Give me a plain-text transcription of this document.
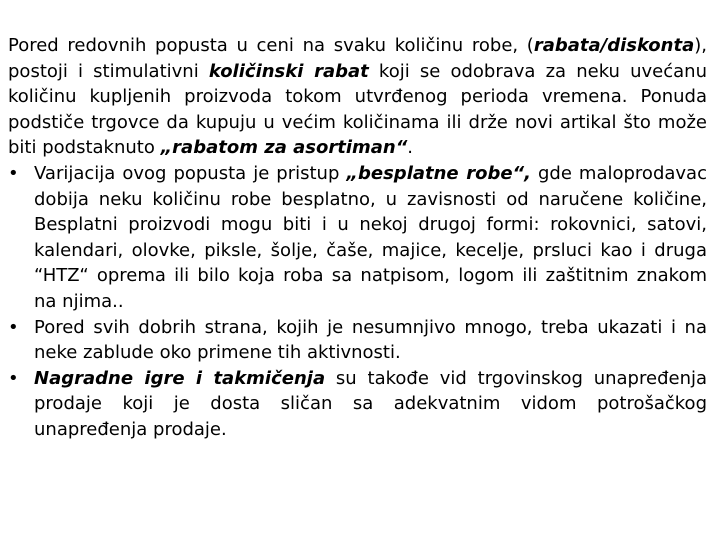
Pored redovnih popusta u ceni na svaku količinu robe, (rabata/diskonta), postoji i stimulativni količinski rabat koji se odobrava za neku uvećanu količinu kupljenih proizvoda tokom utvrđenog perioda vremena. Ponuda podstiče trgovce da kupuju u većim količinama ili drže novi artikal što može biti podstaknuto „rabatom za asortiman“.

• Varijacija ovog popusta je pristup „besplatne robe“, gde maloprodavac dobija neku količinu robe besplatno, u zavisnosti od naručene količine, Besplatni proizvodi mogu biti i u nekoj drugoj formi: rokovnici, satovi, kalendari, olovke, piksle, šolje, čaše, majice, kecelje, prsluci kao i druga “HTZ“ oprema ili bilo koja roba sa natpisom, logom ili zaštitnim znakom na njima..
• Pored svih dobrih strana, kojih je nesumnjivo mnogo, treba ukazati i na neke zablude oko primene tih aktivnosti.
• Nagradne igre i takmičenja su takođe vid trgovinskog unapređenja prodaje koji je dosta sličan sa adekvatnim vidom potrošačkog unapređenja prodaje.
